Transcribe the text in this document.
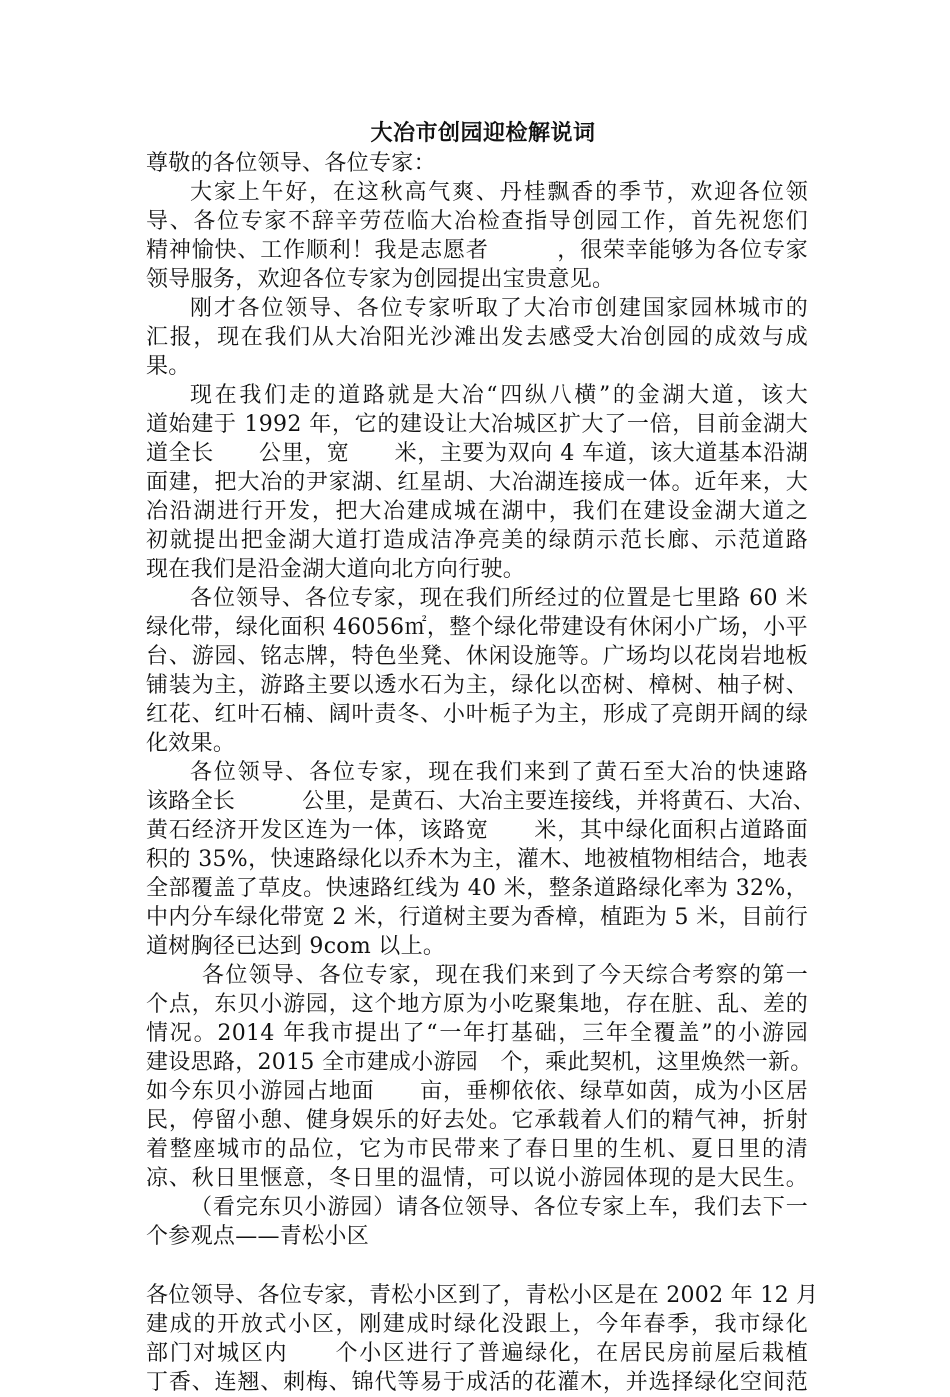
大冶市创园迎检解说词
尊敬的各位领导、各位专家：
大家上午好，在这秋高气爽、丹桂飘香的季节，欢迎各位领
导、各位专家不辞辛劳莅临大冶检查指导创园工作，首先祝您们
精神愉快、工作顺利！我是志愿者　　　，很荣幸能够为各位专家
领导服务，欢迎各位专家为创园提出宝贵意见。
刚才各位领导、各位专家听取了大冶市创建国家园林城市的
汇报，现在我们从大冶阳光沙滩出发去感受大冶创园的成效与成
果。
现在我们走的道路就是大冶“四纵八横”的金湖大道，该大
道始建于 1992 年，它的建设让大冶城区扩大了一倍，目前金湖大
道全长　　公里，宽　　米，主要为双向 4 车道，该大道基本沿湖
面建，把大冶的尹家湖、红星胡、大冶湖连接成一体。近年来，大
冶沿湖进行开发，把大冶建成城在湖中，我们在建设金湖大道之
初就提出把金湖大道打造成洁净亮美的绿荫示范长廊、示范道路
现在我们是沿金湖大道向北方向行驶。
各位领导、各位专家，现在我们所经过的位置是七里路 60 米
绿化带，绿化面积 46056㎡，整个绿化带建设有休闲小广场，小平
台、游园、铭志牌，特色坐凳、休闲设施等。广场均以花岗岩地板
铺装为主，游路主要以透水石为主，绿化以峦树、樟树、柚子树、
红花、红叶石楠、阔叶责冬、小叶栀子为主，形成了亮朗开阔的绿
化效果。
各位领导、各位专家，现在我们来到了黄石至大冶的快速路
该路全长　　　公里，是黄石、大冶主要连接线，并将黄石、大冶、
黄石经济开发区连为一体，该路宽　　米，其中绿化面积占道路面
积的 35%，快速路绿化以乔木为主，灌木、地被植物相结合，地表
全部覆盖了草皮。快速路红线为 40 米，整条道路绿化率为 32%，
中内分车绿化带宽 2 米，行道树主要为香樟，植距为 5 米，目前行
道树胸径已达到 9com 以上。
各位领导、各位专家，现在我们来到了今天综合考察的第一
个点，东贝小游园，这个地方原为小吃聚集地，存在脏、乱、差的
情况。2014 年我市提出了“一年打基础，三年全覆盖”的小游园
建设思路，2015 全市建成小游园　个，乘此契机，这里焕然一新。
如今东贝小游园占地面　　亩，垂柳依依、绿草如茵，成为小区居
民，停留小憩、健身娱乐的好去处。它承载着人们的精气神，折射
着整座城市的品位，它为市民带来了春日里的生机、夏日里的清
凉、秋日里惬意，冬日里的温情，可以说小游园体现的是大民生。
（看完东贝小游园）请各位领导、各位专家上车，我们去下一
个参观点——青松小区
各位领导、各位专家，青松小区到了，青松小区是在 2002 年 12 月
建成的开放式小区，刚建成时绿化没跟上，今年春季，我市绿化
部门对城区内　　个小区进行了普遍绿化，在居民房前屋后栽植
丁香、连翘、刺梅、锦代等易于成活的花灌木，并选择绿化空间范
